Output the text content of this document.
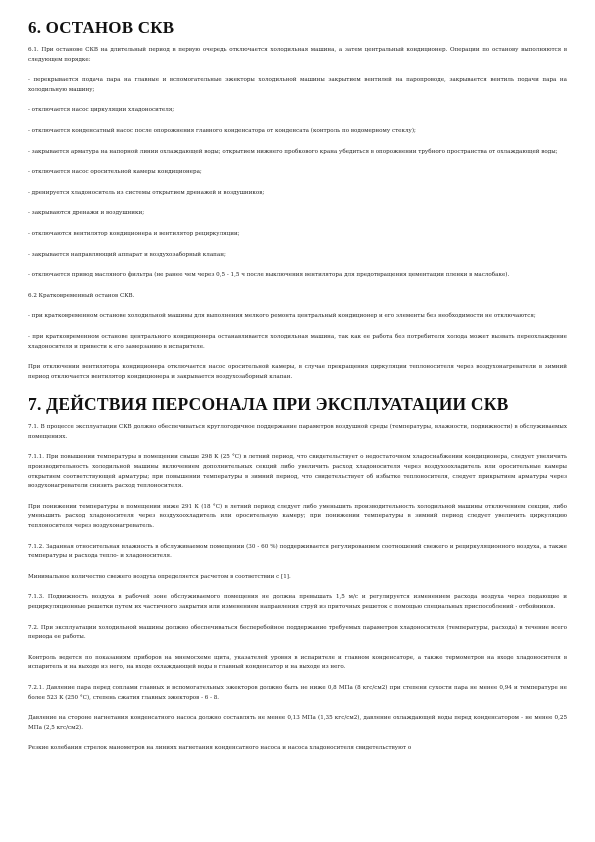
6. ОСТАНОВ СКВ

6.1. При останове СКВ на длительный период в первую очередь отключается холодильная машина, а затем центральный кондиционер. Операции по останову выполняются в следующем порядке:

- перекрывается подача пара на главные и вспомогательные эжекторы холодильной машины закрытием вентилей на паропроводе, закрывается вентиль подачи пара на холодильную машину;

- отключается насос циркуляции хладоносителя;

- отключается конденсатный насос после опорожнения главного конденсатора от конденсата (контроль по водомерному стеклу);

- закрывается арматура на напорной линии охлаждающей воды; открытием нижнего пробкового крана убедиться в опорожнении трубного пространства от охлаждающей воды;

- отключается насос оросительной камеры кондиционера;

- дренируется хладоноситель из системы открытием дренажей и воздушников;

- закрываются дренажи и воздушники;

- отключаются вентилятор кондиционера и вентилятор рециркуляции;

- закрывается направляющий аппарат и воздухозаборный клапан;

- отключается привод масляного фильтра (не ранее чем через 0,5 - 1,5 ч после выключения вентилятора для предотвращения цементации пленки в маслобаке).

6.2 Кратковременный останов СКВ.

- при кратковременном останове холодильной машины для выполнения мелкого ремонта центральный кондиционер и его элементы без необходимости не отключаются;

- при кратковременном останове центрального кондиционера останавливается холодильная машина, так как ее работа без потребителя холода может вызвать переохлаждение хладоносителя и привести к его замерзанию в испарителе.

При отключении вентилятора кондиционера отключается насос оросительной камеры, в случае прекращения циркуляции теплоносителя через воздухонагреватели в зимний период отключается вентилятор кондиционера и закрывается воздухозаборный клапан.

7. ДЕЙСТВИЯ ПЕРСОНАЛА ПРИ ЭКСПЛУАТАЦИИ СКВ

7.1. В процессе эксплуатации СКВ должно обеспечиваться круглогодичное поддержание параметров воздушной среды (температуры, влажности, подвижности) в обслуживаемых помещениях.

7.1.1. При повышении температуры в помещении свыше 298 К (25 °С) в летний период, что свидетельствует о недостаточном хладоснабжении кондиционера, следует увеличить производительность холодильной машины включением дополнительных секций либо увеличить расход хладоносителя через воздухоохладитель или оросительные камеры открытием соответствующей арматуры; при повышении температуры в зимний период, что свидетельствует об избытке теплоносителя, следует прикрытием арматуры через воздухонагреватели снизить расход теплоносителя.

При понижении температуры в помещении ниже 291 К (18 °С) в летний период следует либо уменьшить производительность холодильной машины отключением секции, либо уменьшить расход хладоносителя через воздухоохладитель или оросительную камеру; при понижении температуры в зимний период следует увеличить циркуляцию теплоносителя через воздухонагреватель.

7.1.2. Заданная относительная влажность в обслуживаемом помещении (30 - 60 %) поддерживается регулированием соотношений свежего и рециркуляционного воздуха, а также температуры и расхода тепло- и хладоносителя.

Минимальное количество свежего воздуха определяется расчетом в соответствии с [1].

7.1.3. Подвижность воздуха в рабочей зоне обслуживаемого помещения не должна превышать 1,5 м/с и регулируется изменением расхода воздуха через подающие и рециркуляционные решетки путем их частичного закрытия или изменением направления струй из приточных решеток с помощью специальных приспособлений - отбойников.

7.2. При эксплуатации холодильной машины должно обеспечиваться бесперебойное поддержание требуемых параметров хладоносителя (температуры, расхода) в течение всего периода ее работы.

Контроль ведется по показаниям приборов на мнемосхеме щита, указателей уровня в испарителе и главном конденсаторе, а также термометров на входе хладоносителя в испаритель и на выходе из него, на входе охлаждающей воды в главный конденсатор и на выходе из него.

7.2.1. Давление пара перед соплами главных и вспомогательных эжекторов должно быть не ниже 0,8 МПа (8 кгс/см2) при степени сухости пара не менее 0,94 и температуре не более 523 К (250 °С), степень сжатия главных эжекторов - 6 - 8.

Давление на стороне нагнетания конденсатного насоса должно составлять не менее 0,13 МПа (1,35 кгс/см2), давление охлаждающей воды перед конденсатором - не менее 0,25 МПа (2,5 кгс/см2).

Резкие колебания стрелок манометров на линиях нагнетания конденсатного насоса и насоса хладоносителя свидетельствуют о
